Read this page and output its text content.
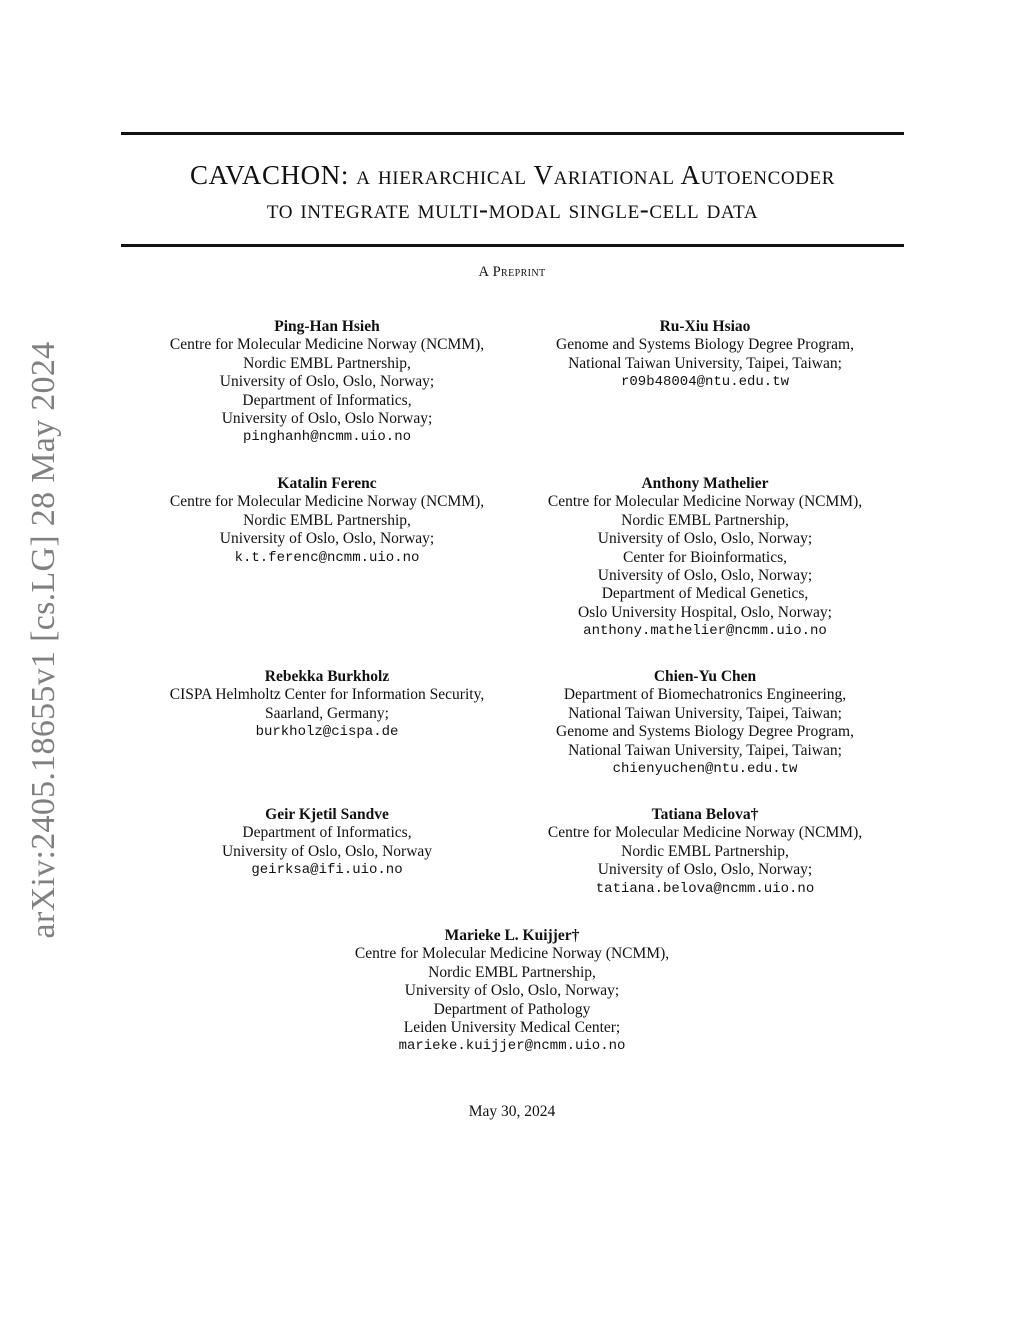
arXiv:2405.18655v1 [cs.LG] 28 May 2024
CAVACHON: a hierarchical Variational Autoencoder
to integrate multi-modal single-cell data
A Preprint
Ping-Han Hsieh
Centre for Molecular Medicine Norway (NCMM),
Nordic EMBL Partnership,
University of Oslo, Oslo, Norway;
Department of Informatics,
University of Oslo, Oslo Norway;
pinghanh@ncmm.uio.no
Ru-Xiu Hsiao
Genome and Systems Biology Degree Program,
National Taiwan University, Taipei, Taiwan;
r09b48004@ntu.edu.tw
Katalin Ferenc
Centre for Molecular Medicine Norway (NCMM),
Nordic EMBL Partnership,
University of Oslo, Oslo, Norway;
k.t.ferenc@ncmm.uio.no
Anthony Mathelier
Centre for Molecular Medicine Norway (NCMM),
Nordic EMBL Partnership,
University of Oslo, Oslo, Norway;
Center for Bioinformatics,
University of Oslo, Oslo, Norway;
Department of Medical Genetics,
Oslo University Hospital, Oslo, Norway;
anthony.mathelier@ncmm.uio.no
Rebekka Burkholz
CISPA Helmholtz Center for Information Security,
Saarland, Germany;
burkholz@cispa.de
Chien-Yu Chen
Department of Biomechatronics Engineering,
National Taiwan University, Taipei, Taiwan;
Genome and Systems Biology Degree Program,
National Taiwan University, Taipei, Taiwan;
chienyuchen@ntu.edu.tw
Geir Kjetil Sandve
Department of Informatics,
University of Oslo, Oslo, Norway
geirksa@ifi.uio.no
Tatiana Belova†
Centre for Molecular Medicine Norway (NCMM),
Nordic EMBL Partnership,
University of Oslo, Oslo, Norway;
tatiana.belova@ncmm.uio.no
Marieke L. Kuijjer†
Centre for Molecular Medicine Norway (NCMM),
Nordic EMBL Partnership,
University of Oslo, Oslo, Norway;
Department of Pathology
Leiden University Medical Center;
marieke.kuijjer@ncmm.uio.no
May 30, 2024
